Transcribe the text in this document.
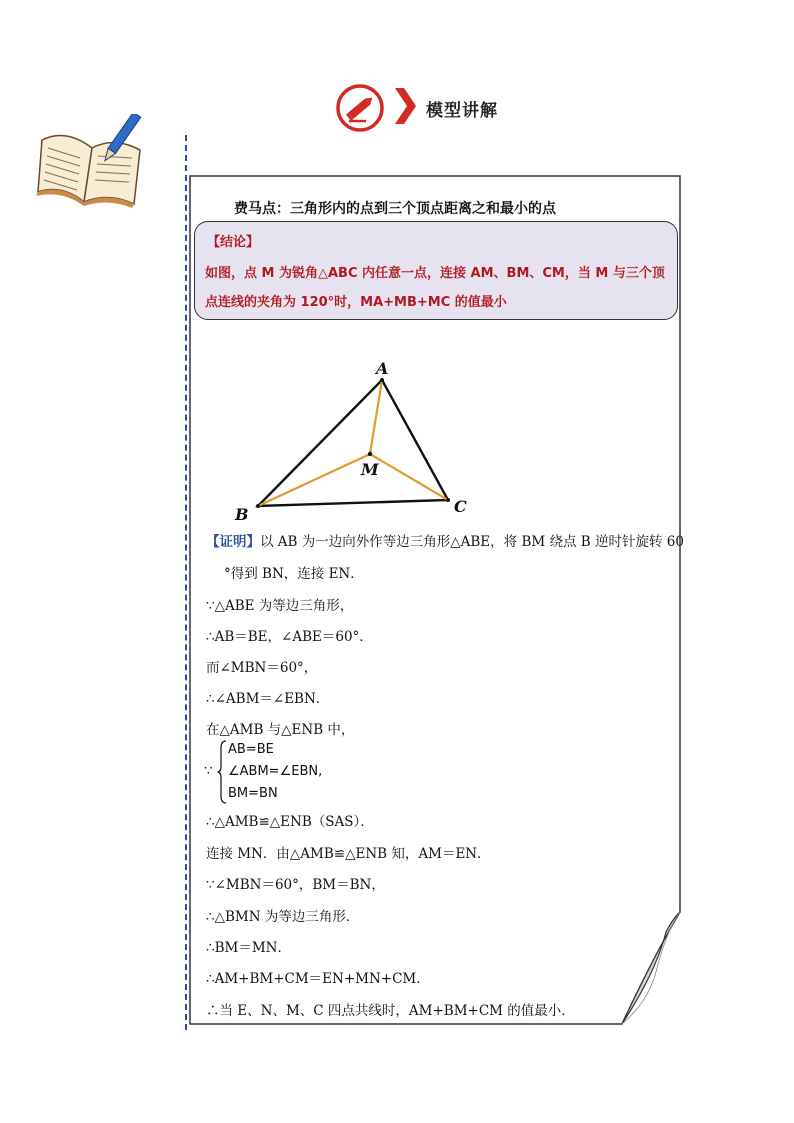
模型讲解
费马点：三角形内的点到三个顶点距离之和最小的点
【结论】
如图，点 M 为锐角△ABC 内任意一点，连接 AM、BM、CM，当 M 与三个顶
点连线的夹角为 120°时，MA+MB+MC 的值最小
A
B	C
M
【证明】以 AB 为一边向外作等边三角形△ABE，将 BM 绕点 B 逆时针旋转 60
°得到 BN，连接 EN．
∵△ABE 为等边三角形，
∴AB＝BE，∠ABE＝60°．
而∠MBN＝60°，
∴∠ABM＝∠EBN．
在△AMB 与△ENB 中，
∵
AB=BE
∠ABM=∠EBN,
BM=BN
∴△AMB≌△ENB（SAS）．
连接 MN．由△AMB≌△ENB 知，AM＝EN．
∵∠MBN＝60°，BM＝BN，
∴△BMN 为等边三角形．
∴BM＝MN．
∴AM+BM+CM＝EN+MN+CM．
∴当 E、N、M、C 四点共线时，AM+BM+CM 的值最小．
